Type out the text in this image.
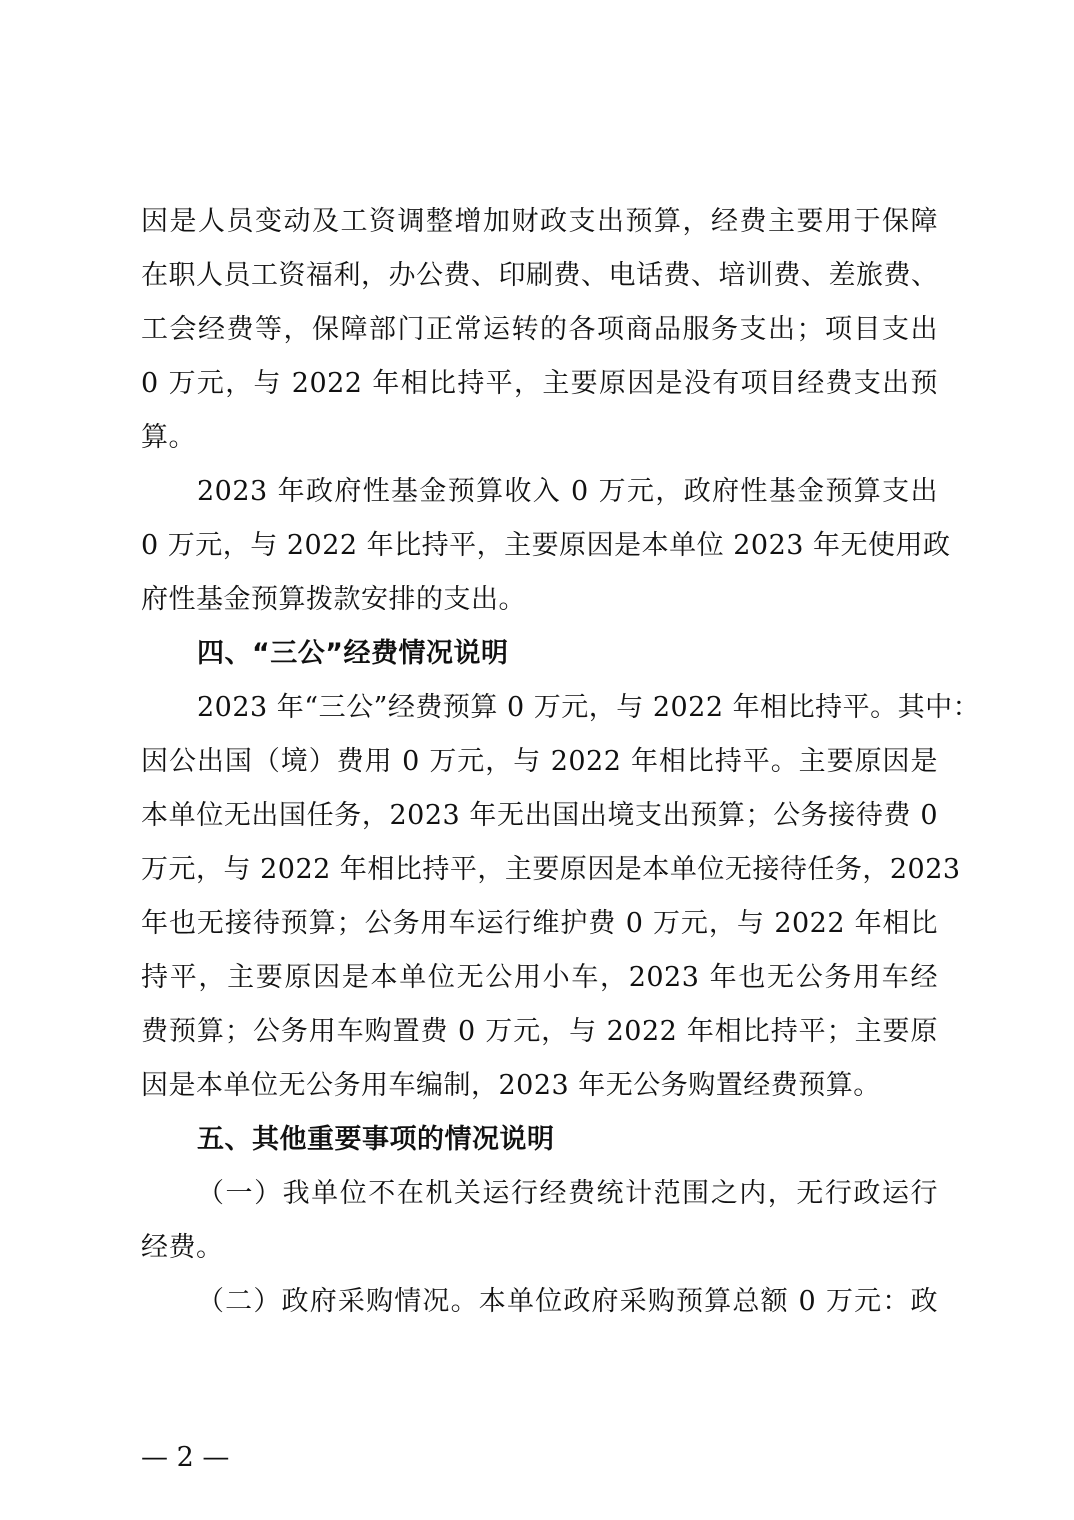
因是人员变动及工资调整增加财政支出预算，经费主要用于保障
在职人员工资福利，办公费、印刷费、电话费、培训费、差旅费、
工会经费等，保障部门正常运转的各项商品服务支出；项目支出
0 万元，与 2022 年相比持平，主要原因是没有项目经费支出预
算。
2023 年政府性基金预算收入 0 万元，政府性基金预算支出
0 万元，与 2022 年比持平，主要原因是本单位 2023 年无使用政
府性基金预算拨款安排的支出。
四、“三公”经费情况说明
2023 年“三公”经费预算 0 万元，与 2022 年相比持平。其中：
因公出国（境）费用 0 万元，与 2022 年相比持平。主要原因是
本单位无出国任务，2023 年无出国出境支出预算；公务接待费 0
万元，与 2022 年相比持平，主要原因是本单位无接待任务，2023
年也无接待预算；公务用车运行维护费 0 万元，与 2022 年相比
持平，主要原因是本单位无公用小车，2023 年也无公务用车经
费预算；公务用车购置费 0 万元，与 2022 年相比持平；主要原
因是本单位无公务用车编制，2023 年无公务购置经费预算。
五、其他重要事项的情况说明
（一）我单位不在机关运行经费统计范围之内，无行政运行
经费。
（二）政府采购情况。本单位政府采购预算总额 0 万元：政
— 2 —
